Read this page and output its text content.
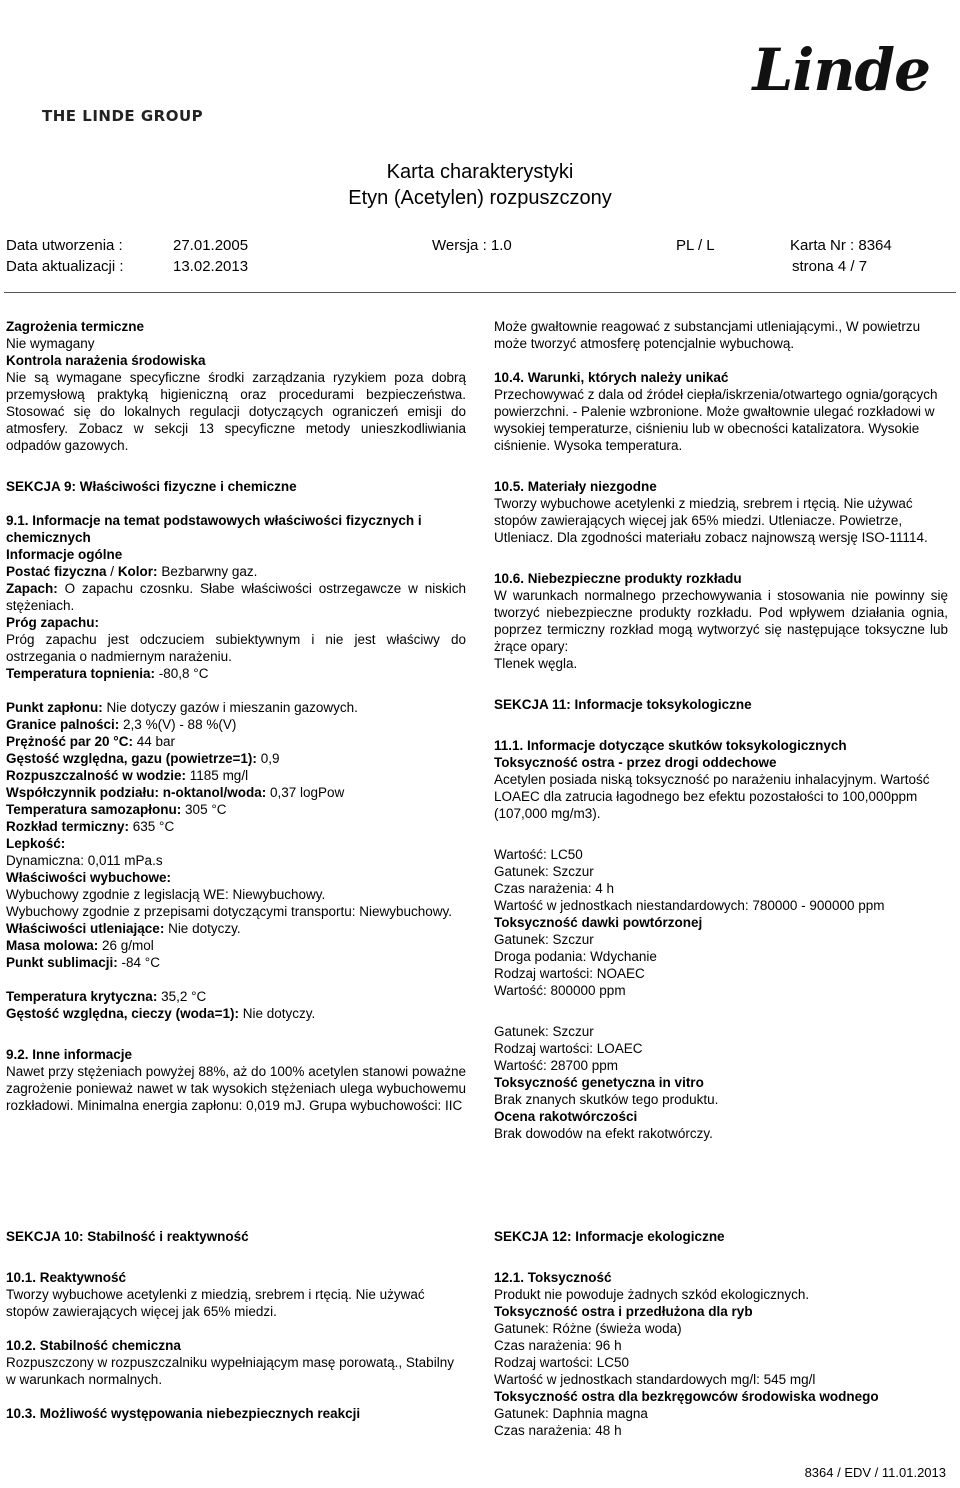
THE LINDE GROUP
Linde
Karta charakterystyki
Etyn (Acetylen) rozpuszczony
Data utworzenia :	27.01.2005	Wersja : 1.0	PL / L	Karta Nr : 8364
Data aktualizacji :	13.02.2013	strona 4 / 7

Zagrożenia termiczne

Nie wymagany

Kontrola narażenia środowiska

Nie są wymagane specyficzne środki zarządzania ryzykiem poza dobrą przemysłową praktyką higieniczną oraz procedurami bezpieczeństwa. Stosować się do lokalnych regulacji dotyczących ograniczeń emisji do atmosfery. Zobacz w sekcji 13 specyficzne metody unieszkodliwiania odpadów gazowych.

SEKCJA 9: Właściwości fizyczne i chemiczne

9.1. Informacje na temat podstawowych właściwości fizycznych i chemicznych

Informacje ogólne

Postać fizyczna / Kolor: Bezbarwny gaz.

Zapach: O zapachu czosnku. Słabe właściwości ostrzegawcze w niskich stężeniach.

Próg zapachu:

Próg zapachu jest odczuciem subiektywnym i nie jest właściwy do ostrzegania o nadmiernym narażeniu.

Temperatura topnienia: -80,8 °C

Punkt zapłonu: Nie dotyczy gazów i mieszanin gazowych.

Granice palności: 2,3 %(V) - 88 %(V)

Prężność par 20 °C: 44 bar

Gęstość względna, gazu (powietrze=1): 0,9

Rozpuszczalność w wodzie: 1185 mg/l

Współczynnik podziału: n-oktanol/woda: 0,37 logPow

Temperatura samozapłonu: 305 °C

Rozkład termiczny: 635 °C

Lepkość:

Dynamiczna: 0,011 mPa.s

Właściwości wybuchowe:

Wybuchowy zgodnie z legislacją WE: Niewybuchowy.

Wybuchowy zgodnie z przepisami dotyczącymi transportu: Niewybuchowy.

Właściwości utleniające: Nie dotyczy.

Masa molowa: 26 g/mol

Punkt sublimacji: -84 °C

Temperatura krytyczna: 35,2 °C

Gęstość względna, cieczy (woda=1): Nie dotyczy.

9.2. Inne informacje

Nawet przy stężeniach powyżej 88%, aż do 100% acetylen stanowi poważne zagrożenie ponieważ nawet w tak wysokich stężeniach ulega wybuchowemu rozkładowi. Minimalna energia zapłonu: 0,019 mJ. Grupa wybuchowości: IIC

SEKCJA 10: Stabilność i reaktywność

10.1. Reaktywność

Tworzy wybuchowe acetylenki z miedzią, srebrem i rtęcią. Nie używać stopów zawierających więcej jak 65% miedzi.

10.2. Stabilność chemiczna

Rozpuszczony w rozpuszczalniku wypełniającym masę porowatą., Stabilny w warunkach normalnych.

10.3. Możliwość występowania niebezpiecznych reakcji

Może gwałtownie reagować z substancjami utleniającymi., W powietrzu może tworzyć atmosferę potencjalnie wybuchową.

10.4. Warunki, których należy unikać

Przechowywać z dala od źródeł ciepła/iskrzenia/otwartego ognia/gorących powierzchni. - Palenie wzbronione. Może gwałtownie ulegać rozkładowi w wysokiej temperaturze, ciśnieniu lub w obecności katalizatora. Wysokie ciśnienie. Wysoka temperatura.

10.5. Materiały niezgodne

Tworzy wybuchowe acetylenki z miedzią, srebrem i rtęcią. Nie używać stopów zawierających więcej jak 65% miedzi. Utleniacze. Powietrze, Utleniacz. Dla zgodności materiału zobacz najnowszą wersję ISO-11114.

10.6. Niebezpieczne produkty rozkładu

W warunkach normalnego przechowywania i stosowania nie powinny się tworzyć niebezpieczne produkty rozkładu. Pod wpływem działania ognia, poprzez termiczny rozkład mogą wytworzyć się następujące toksyczne lub żrące opary:

Tlenek węgla.

SEKCJA 11: Informacje toksykologiczne

11.1. Informacje dotyczące skutków toksykologicznych

Toksyczność ostra - przez drogi oddechowe

Acetylen posiada niską toksyczność po narażeniu inhalacyjnym. Wartość LOAEC dla zatrucia łagodnego bez efektu pozostałości to 100,000ppm (107,000 mg/m3).

Wartość: LC50

Gatunek: Szczur

Czas narażenia: 4 h

Wartość w jednostkach niestandardowych: 780000 - 900000 ppm

Toksyczność dawki powtórzonej

Gatunek: Szczur

Droga podania: Wdychanie

Rodzaj wartości: NOAEC

Wartość: 800000 ppm

Gatunek: Szczur

Rodzaj wartości: LOAEC

Wartość: 28700 ppm

Toksyczność genetyczna in vitro

Brak znanych skutków tego produktu.

Ocena rakotwórczości

Brak dowodów na efekt rakotwórczy.

SEKCJA 12: Informacje ekologiczne

12.1. Toksyczność

Produkt nie powoduje żadnych szkód ekologicznych.

Toksyczność ostra i przedłużona dla ryb

Gatunek: Różne (świeża woda)

Czas narażenia: 96 h

Rodzaj wartości: LC50

Wartość w jednostkach standardowych mg/l: 545 mg/l

Toksyczność ostra dla bezkręgowców środowiska wodnego

Gatunek: Daphnia magna

Czas narażenia: 48 h

8364 / EDV / 11.01.2013
